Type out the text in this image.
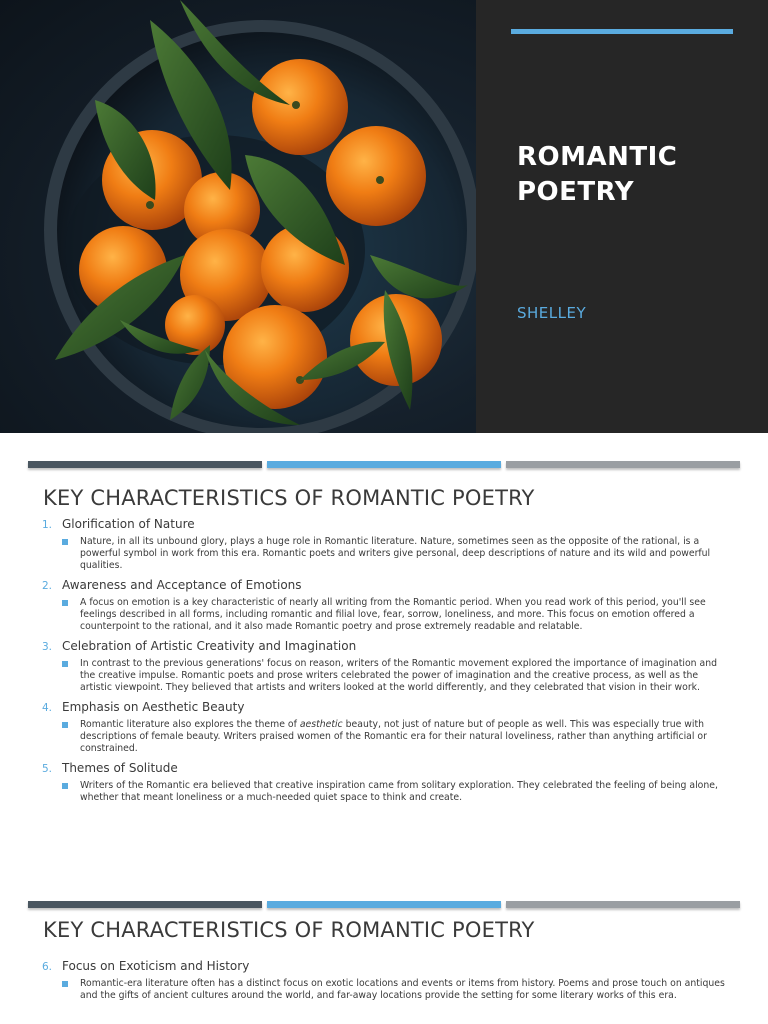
ROMANTIC
POETRY
SHELLEY
KEY CHARACTERISTICS OF ROMANTIC POETRY
1. Glorification of Nature

Nature, in all its unbound glory, plays a huge role in Romantic literature. Nature, sometimes seen as the opposite of the rational, is a powerful symbol in work from this era. Romantic poets and writers give personal, deep descriptions of nature and its wild and powerful qualities.

2. Awareness and Acceptance of Emotions

A focus on emotion is a key characteristic of nearly all writing from the Romantic period. When you read work of this period, you'll see feelings described in all forms, including romantic and filial love, fear, sorrow, loneliness, and more. This focus on emotion offered a counterpoint to the rational, and it also made Romantic poetry and prose extremely readable and relatable.

3. Celebration of Artistic Creativity and Imagination

In contrast to the previous generations' focus on reason, writers of the Romantic movement explored the importance of imagination and the creative impulse. Romantic poets and prose writers celebrated the power of imagination and the creative process, as well as the artistic viewpoint. They believed that artists and writers looked at the world differently, and they celebrated that vision in their work.

4. Emphasis on Aesthetic Beauty

Romantic literature also explores the theme of aesthetic beauty, not just of nature but of people as well. This was especially true with descriptions of female beauty. Writers praised women of the Romantic era for their natural loveliness, rather than anything artificial or constrained.

5. Themes of Solitude

Writers of the Romantic era believed that creative inspiration came from solitary exploration. They celebrated the feeling of being alone, whether that meant loneliness or a much-needed quiet space to think and create.

KEY CHARACTERISTICS OF ROMANTIC POETRY
6. Focus on Exoticism and History

Romantic-era literature often has a distinct focus on exotic locations and events or items from history. Poems and prose touch on antiques and the gifts of ancient cultures around the world, and far-away locations provide the setting for some literary works of this era.
